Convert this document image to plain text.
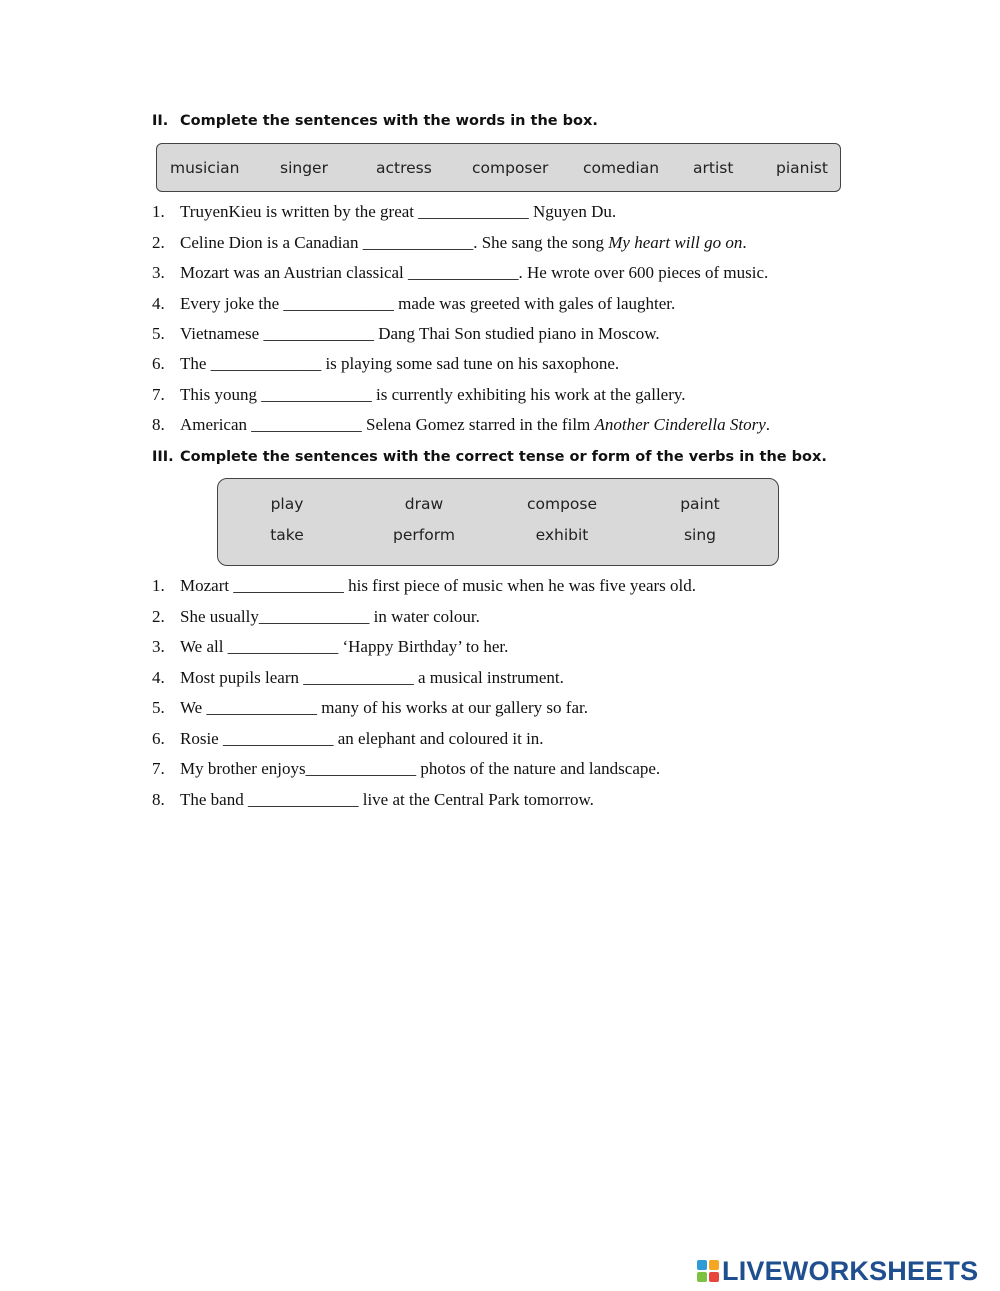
II. Complete the sentences with the words in the box.
musician	singer	actress	composer comedian artist	pianist
1. TruyenKieu is written by the great _____________ Nguyen Du.
2. Celine Dion is a Canadian _____________. She sang the song My heart will go on.
3. Mozart was an Austrian classical _____________. He wrote over 600 pieces of music.
4. Every joke the _____________ made was greeted with gales of laughter.
5. Vietnamese _____________ Dang Thai Son studied piano in Moscow.
6. The _____________ is playing some sad tune on his saxophone.
7. This young _____________ is currently exhibiting his work at the gallery.
8. American _____________ Selena Gomez starred in the film Another Cinderella Story.
III. Complete the sentences with the correct tense or form of the verbs in the box.
play	draw	compose	paint
take	perform	exhibit	sing
1. Mozart _____________ his first piece of music when he was five years old.
2. She usually_____________ in water colour.
3. We all _____________ ‘Happy Birthday’ to her.
4. Most pupils learn _____________ a musical instrument.
5. We _____________ many of his works at our gallery so far.
6. Rosie _____________ an elephant and coloured it in.
7. My brother enjoys_____________ photos of the nature and landscape.
8. The band _____________ live at the Central Park tomorrow.
LIVEWORKSHEETS
